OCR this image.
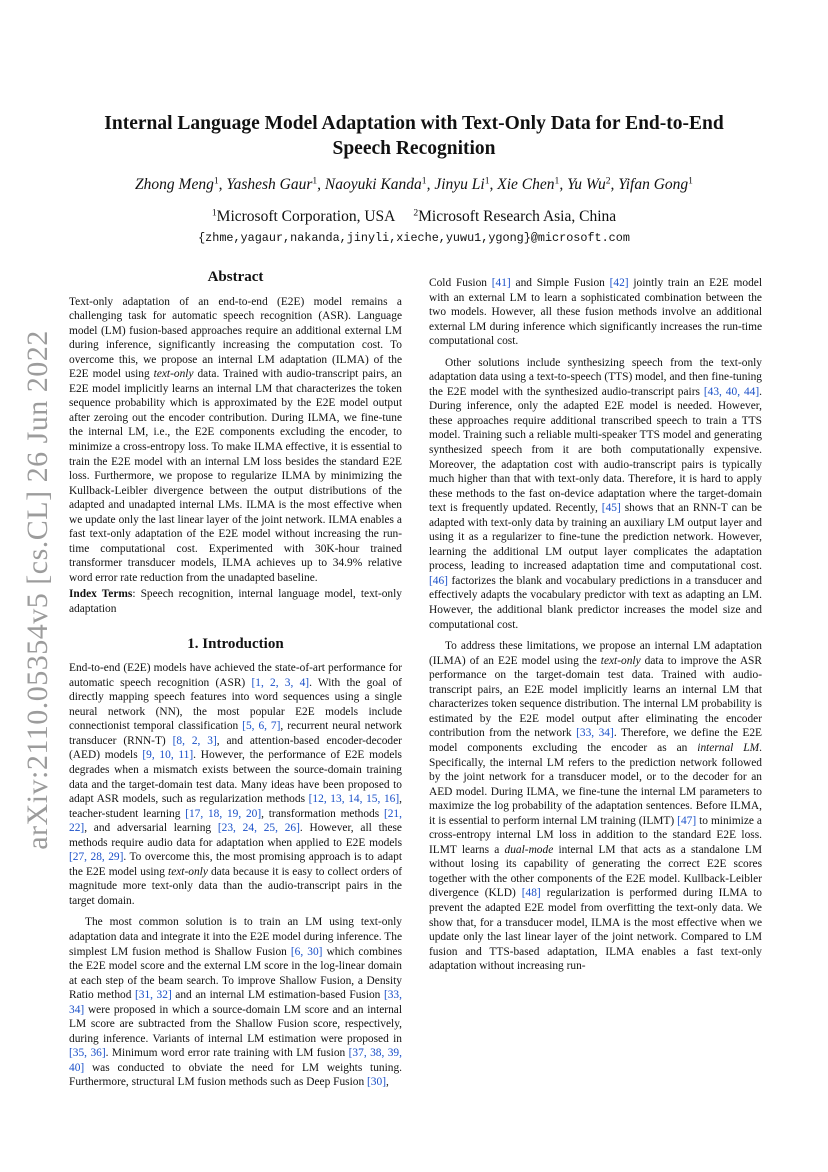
arXiv:2110.05354v5 [cs.CL] 26 Jun 2022
Internal Language Model Adaptation with Text-Only Data for End-to-End
Speech Recognition

Zhong Meng$^1$, Yashesh Gaur$^1$, Naoyuki Kanda$^1$, Jinyu Li$^1$, Xie Chen$^1$, Yu Wu$^2$, Yifan Gong$^1$

$^1$Microsoft Corporation, USA $^2$Microsoft Research Asia, China

{zhme,yagaur,nakanda,jinyli,xieche,yuwu1,ygong}@microsoft.com

Abstract

Text-only adaptation of an end-to-end (E2E) model remains a challenging task for automatic speech recognition (ASR). Language model (LM) fusion-based approaches require an additional external LM during inference, significantly increasing the computation cost. To overcome this, we propose an internal LM adaptation (ILMA) of the E2E model using text-only data. Trained with audio-transcript pairs, an E2E model implicitly learns an internal LM that characterizes the token sequence probability which is approximated by the E2E model output after zeroing out the encoder contribution. During ILMA, we fine-tune the internal LM, i.e., the E2E components excluding the encoder, to minimize a cross-entropy loss. To make ILMA effective, it is essential to train the E2E model with an internal LM loss besides the standard E2E loss. Furthermore, we propose to regularize ILMA by minimizing the Kullback-Leibler divergence between the output distributions of the adapted and unadapted internal LMs. ILMA is the most effective when we update only the last linear layer of the joint network. ILMA enables a fast text-only adaptation of the E2E model without increasing the run-time computational cost. Experimented with 30K-hour trained transformer transducer models, ILMA achieves up to 34.9% relative word error rate reduction from the unadapted baseline.

Index Terms: Speech recognition, internal language model, text-only adaptation

1. Introduction

End-to-end (E2E) models have achieved the state-of-art performance for automatic speech recognition (ASR) [1, 2, 3, 4]. With the goal of directly mapping speech features into word sequences using a single neural network (NN), the most popular E2E models include connectionist temporal classification [5, 6, 7], recurrent neural network transducer (RNN-T) [8, 2, 3], and attention-based encoder-decoder (AED) models [9, 10, 11]. However, the performance of E2E models degrades when a mismatch exists between the source-domain training data and the target-domain test data. Many ideas have been proposed to adapt ASR models, such as regularization methods [12, 13, 14, 15, 16], teacher-student learning [17, 18, 19, 20], transformation methods [21, 22], and adversarial learning [23, 24, 25, 26]. However, all these methods require audio data for adaptation when applied to E2E models [27, 28, 29]. To overcome this, the most promising approach is to adapt the E2E model using text-only data because it is easy to collect orders of magnitude more text-only data than the audio-transcript pairs in the target domain.

The most common solution is to train an LM using text-only adaptation data and integrate it into the E2E model during inference. The simplest LM fusion method is Shallow Fusion [6, 30] which combines the E2E model score and the external LM score in the log-linear domain at each step of the beam search. To improve Shallow Fusion, a Density Ratio method [31, 32] and an internal LM estimation-based Fusion [33, 34] were proposed in which a source-domain LM score and an internal LM score are subtracted from the Shallow Fusion score, respectively, during inference. Variants of internal LM estimation were proposed in [35, 36]. Minimum word error rate training with LM fusion [37, 38, 39, 40] was conducted to obviate the need for LM weights tuning. Furthermore, structural LM fusion methods such as Deep Fusion [30],

Cold Fusion [41] and Simple Fusion [42] jointly train an E2E model with an external LM to learn a sophisticated combination between the two models. However, all these fusion methods involve an additional external LM during inference which significantly increases the run-time computational cost.

Other solutions include synthesizing speech from the text-only adaptation data using a text-to-speech (TTS) model, and then fine-tuning the E2E model with the synthesized audio-transcript pairs [43, 40, 44]. During inference, only the adapted E2E model is needed. However, these approaches require additional transcribed speech to train a TTS model. Training such a reliable multi-speaker TTS model and generating synthesized speech from it are both computationally expensive. Moreover, the adaptation cost with audio-transcript pairs is typically much higher than that with text-only data. Therefore, it is hard to apply these methods to the fast on-device adaptation where the target-domain text is frequently updated. Recently, [45] shows that an RNN-T can be adapted with text-only data by training an auxiliary LM output layer and using it as a regularizer to fine-tune the prediction network. However, learning the additional LM output layer complicates the adaptation process, leading to increased adaptation time and computational cost. [46] factorizes the blank and vocabulary predictions in a transducer and effectively adapts the vocabulary predictor with text as adapting an LM. However, the additional blank predictor increases the model size and computational cost.

To address these limitations, we propose an internal LM adaptation (ILMA) of an E2E model using the text-only data to improve the ASR performance on the target-domain test data. Trained with audio-transcript pairs, an E2E model implicitly learns an internal LM that characterizes token sequence distribution. The internal LM probability is estimated by the E2E model output after eliminating the encoder contribution from the network [33, 34]. Therefore, we define the E2E model components excluding the encoder as an internal LM. Specifically, the internal LM refers to the prediction network followed by the joint network for a transducer model, or to the decoder for an AED model. During ILMA, we fine-tune the internal LM parameters to maximize the log probability of the adaptation sentences. Before ILMA, it is essential to perform internal LM training (ILMT) [47] to minimize a cross-entropy internal LM loss in addition to the standard E2E loss. ILMT learns a dual-mode internal LM that acts as a standalone LM without losing its capability of generating the correct E2E scores together with the other components of the E2E model. Kullback-Leibler divergence (KLD) [48] regularization is performed during ILMA to prevent the adapted E2E model from overfitting the text-only data. We show that, for a transducer model, ILMA is the most effective when we update only the last linear layer of the joint network. Compared to LM fusion and TTS-based adaptation, ILMA enables a fast text-only adaptation without increasing run-
